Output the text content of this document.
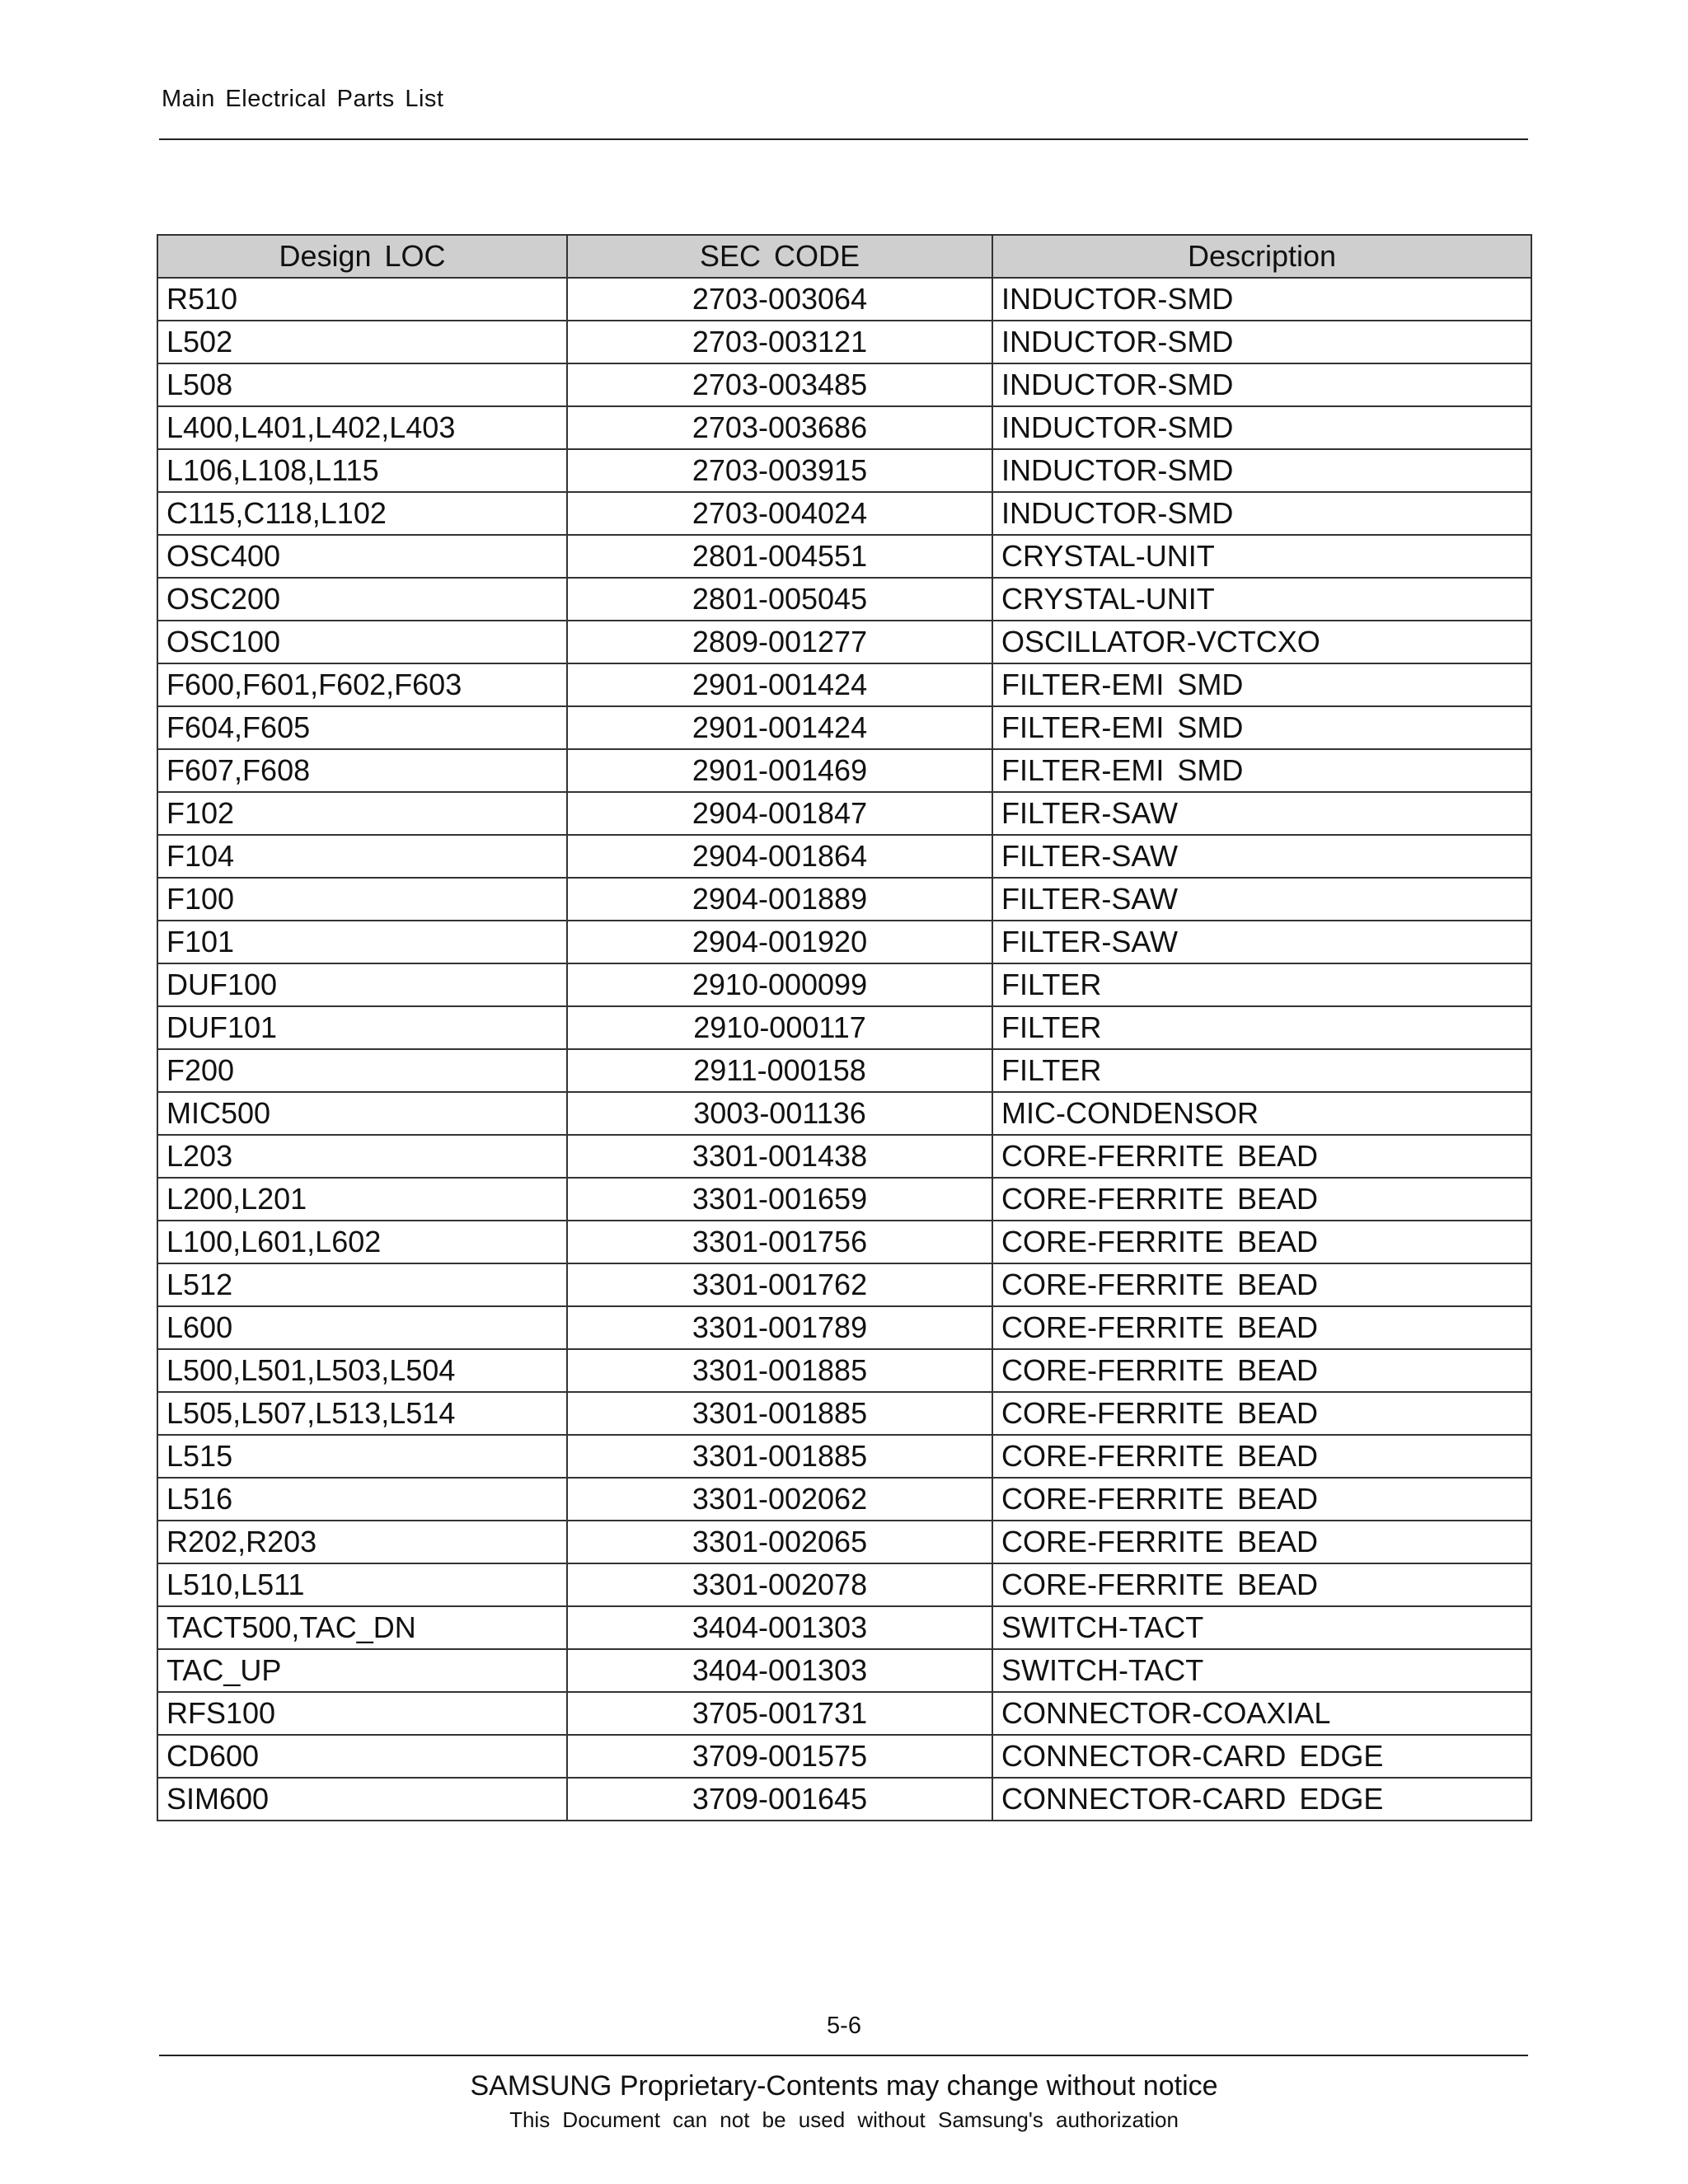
Main Electrical Parts List
Design LOC	SEC CODE	Description
R510	2703-003064	INDUCTOR-SMD
L502	2703-003121	INDUCTOR-SMD
L508	2703-003485	INDUCTOR-SMD
L400,L401,L402,L403	2703-003686	INDUCTOR-SMD
L106,L108,L115	2703-003915	INDUCTOR-SMD
C115,C118,L102	2703-004024	INDUCTOR-SMD
OSC400	2801-004551	CRYSTAL-UNIT
OSC200	2801-005045	CRYSTAL-UNIT
OSC100	2809-001277	OSCILLATOR-VCTCXO
F600,F601,F602,F603	2901-001424	FILTER-EMI SMD
F604,F605	2901-001424	FILTER-EMI SMD
F607,F608	2901-001469	FILTER-EMI SMD
F102	2904-001847	FILTER-SAW
F104	2904-001864	FILTER-SAW
F100	2904-001889	FILTER-SAW
F101	2904-001920	FILTER-SAW
DUF100	2910-000099	FILTER
DUF101	2910-000117	FILTER
F200	2911-000158	FILTER
MIC500	3003-001136	MIC-CONDENSOR
L203	3301-001438	CORE-FERRITE BEAD
L200,L201	3301-001659	CORE-FERRITE BEAD
L100,L601,L602	3301-001756	CORE-FERRITE BEAD
L512	3301-001762	CORE-FERRITE BEAD
L600	3301-001789	CORE-FERRITE BEAD
L500,L501,L503,L504	3301-001885	CORE-FERRITE BEAD
L505,L507,L513,L514	3301-001885	CORE-FERRITE BEAD
L515	3301-001885	CORE-FERRITE BEAD
L516	3301-002062	CORE-FERRITE BEAD
R202,R203	3301-002065	CORE-FERRITE BEAD
L510,L511	3301-002078	CORE-FERRITE BEAD
TACT500,TAC_DN	3404-001303	SWITCH-TACT
TAC_UP	3404-001303	SWITCH-TACT
RFS100	3705-001731	CONNECTOR-COAXIAL
CD600	3709-001575	CONNECTOR-CARD EDGE
SIM600	3709-001645	CONNECTOR-CARD EDGE
5-6
SAMSUNG Proprietary-Contents may change without notice
This Document can not be used without Samsung's authorization
